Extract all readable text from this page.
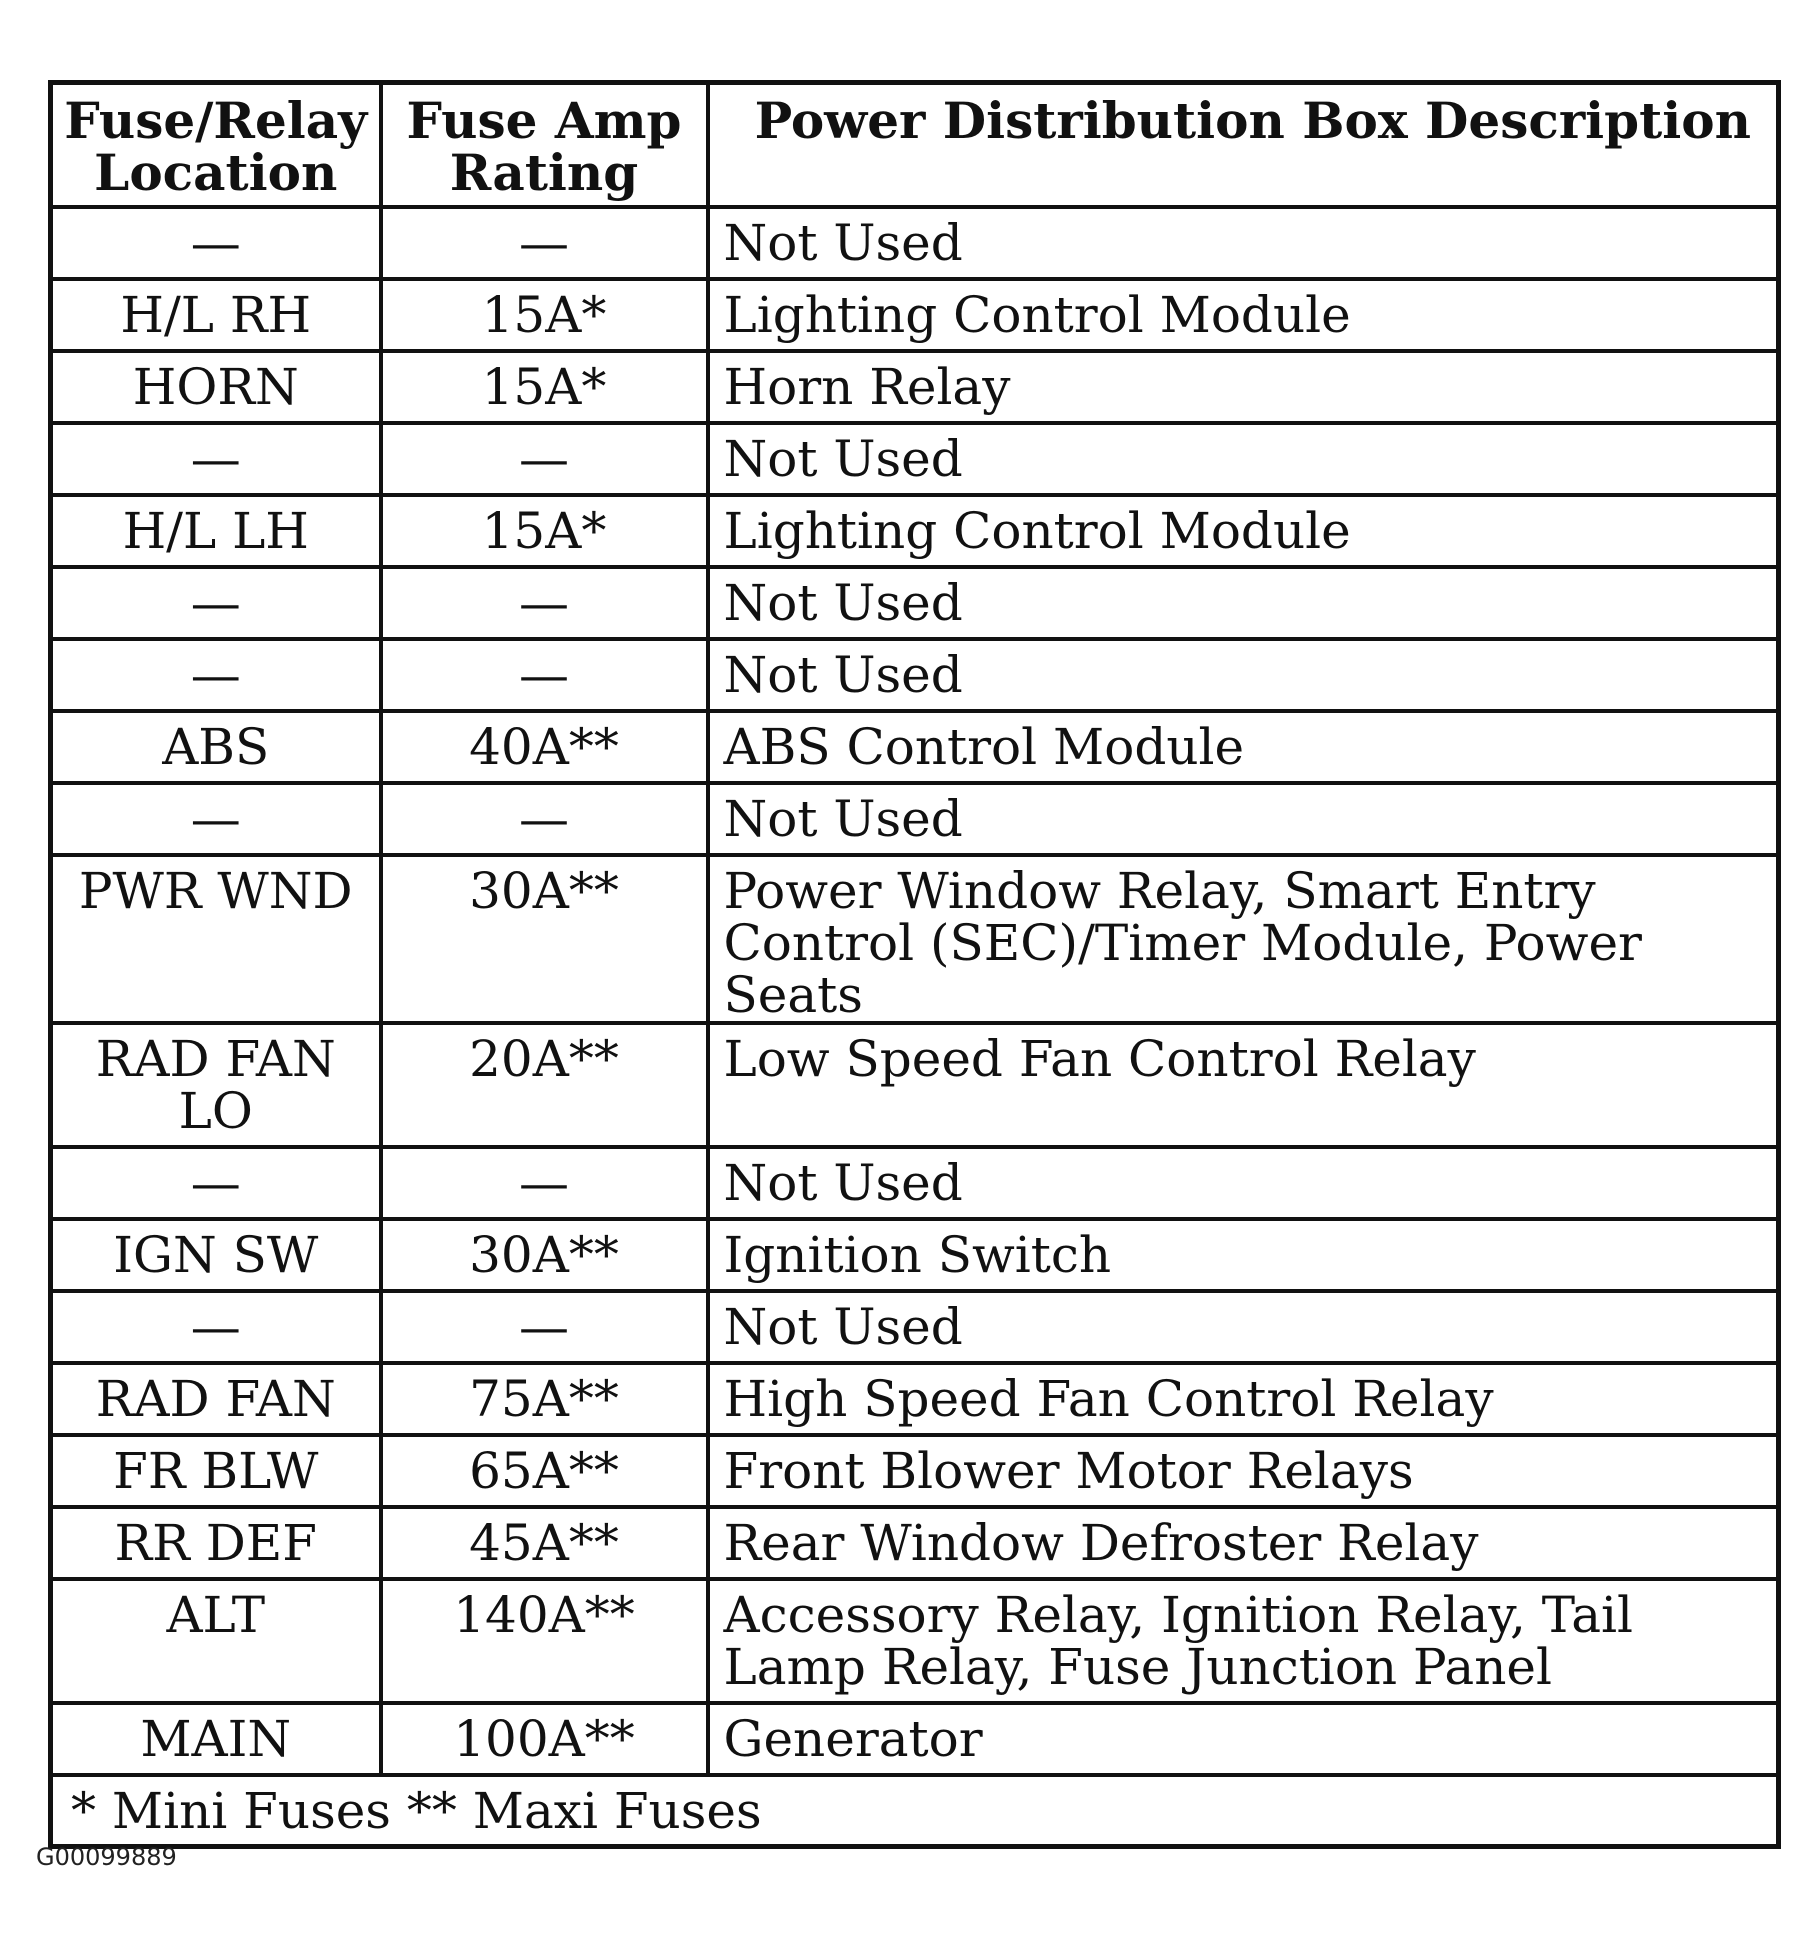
Fuse/Relay Location	Fuse Amp Rating	Power Distribution Box Description
—	—	Not Used
H/L RH	15A*	Lighting Control Module
HORN	15A*	Horn Relay
—	—	Not Used
H/L LH	15A*	Lighting Control Module
—	—	Not Used
—	—	Not Used
ABS	40A**	ABS Control Module
—	—	Not Used
PWR WND	30A**	Power Window Relay, Smart Entry Control (SEC)/Timer Module, Power Seats
RAD FAN LO	20A**	Low Speed Fan Control Relay
—	—	Not Used
IGN SW	30A**	Ignition Switch
—	—	Not Used
RAD FAN	75A**	High Speed Fan Control Relay
FR BLW	65A**	Front Blower Motor Relays
RR DEF	45A**	Rear Window Defroster Relay
ALT	140A**	Accessory Relay, Ignition Relay, Tail Lamp Relay, Fuse Junction Panel
MAIN	100A**	Generator
* Mini Fuses ** Maxi Fuses		
G00099889
